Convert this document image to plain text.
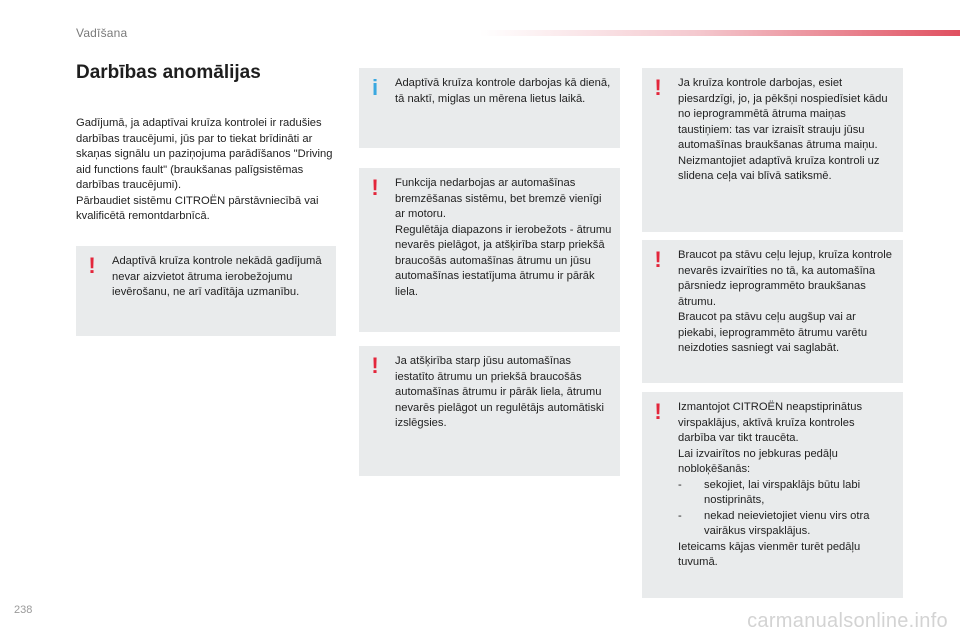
Vadīšana
Darbības anomālijas

Gadījumā, ja adaptīvai kruīza kontrolei ir radušies darbības traucējumi, jūs par to tiekat brīdināti ar skaņas signālu un paziņojuma parādīšanos "Driving aid functions fault" (braukšanas palīgsistēmas darbības traucējumi).

Pārbaudiet sistēmu CITROËN pārstāvniecībā vai kvalificētā remontdarbnīcā.

! Adaptīvā kruīza kontrole nekādā gadījumā nevar aizvietot ātruma ierobežojumu ievērošanu, ne arī vadītāja uzmanību.

i	Adaptīvā kruīza kontrole darbojas kā dienā, tā naktī, miglas un mērena lietus laikā.

! Funkcija nedarbojas ar automašīnas bremzēšanas sistēmu, bet bremzē vienīgi ar motoru.

Regulētāja diapazons ir ierobežots - ātrumu nevarēs pielāgot, ja atšķirība starp priekšā braucošās automašīnas ātrumu un jūsu automašīnas iestatījuma ātrumu ir pārāk liela.

! Ja atšķirība starp jūsu automašīnas iestatīto ātrumu un priekšā braucošās automašīnas ātrumu ir pārāk liela, ātrumu nevarēs pielāgot un regulētājs automātiski izslēgsies.

! Ja kruīza kontrole darbojas, esiet piesardzīgi, jo, ja pēkšņi nospiedīsiet kādu no ieprogrammētā ātruma maiņas taustiņiem: tas var izraisīt strauju jūsu automašīnas braukšanas ātruma maiņu.

Neizmantojiet adaptīvā kruīza kontroli uz slidena ceļa vai blīvā satiksmē.

! Braucot pa stāvu ceļu lejup, kruīza kontrole nevarēs izvairīties no tā, ka automašīna pārsniedz ieprogrammēto braukšanas ātrumu.

Braucot pa stāvu ceļu augšup vai ar piekabi, ieprogrammēto ātrumu varētu neizdoties sasniegt vai saglabāt.

! Izmantojot CITROËN neapstiprinātus virspaklājus, aktīvā kruīza kontroles darbība var tikt traucēta.

Lai izvairītos no jebkuras pedāļu nobloķēšanās:

-	sekojiet, lai virspaklājs būtu labi nostiprināts,
-	nekad neievietojiet vienu virs otra vairākus virspaklājus.

Ieteicams kājas vienmēr turēt pedāļu tuvumā.

238	carmanualsonline.info
